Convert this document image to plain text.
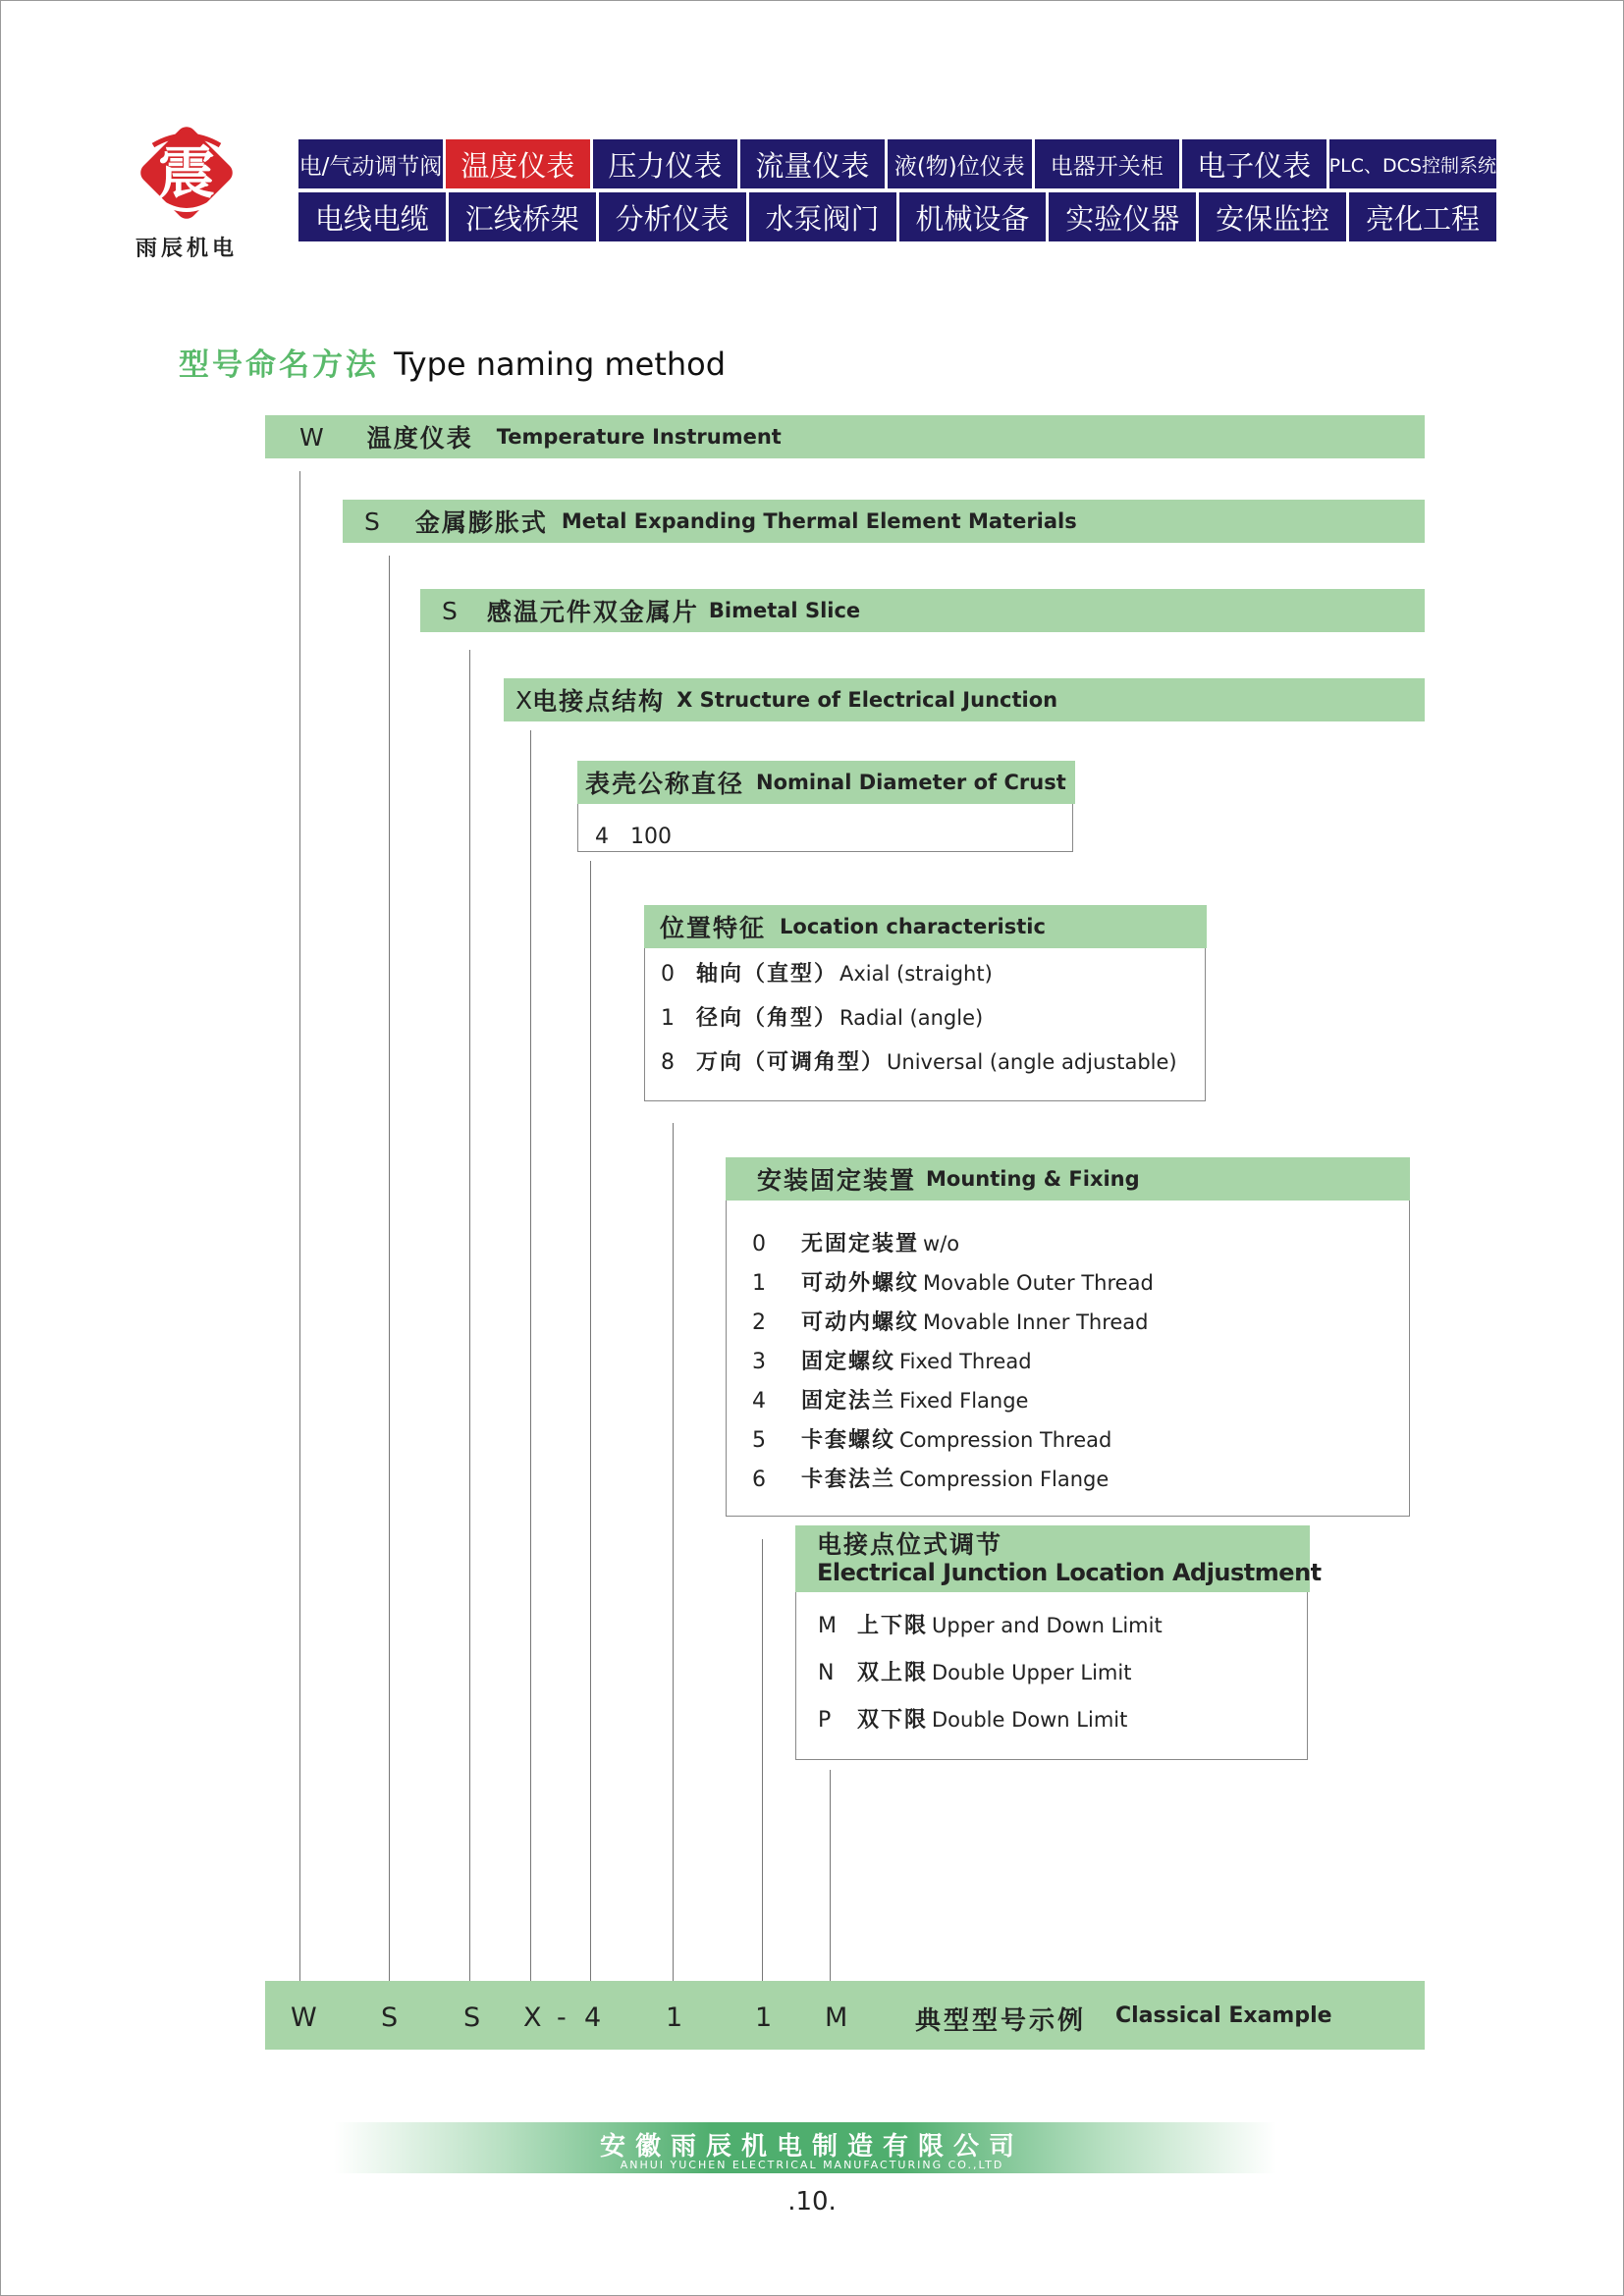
震
雨辰机电
电/气动调节阀 温度仪表	压力仪表	流量仪表	液(物)位仪表	电器开关柜	电子仪表 PLC、DCS控制系统
电线电缆	汇线桥架	分析仪表	水泵阀门	机械设备	实验仪器	安保监控	亮化工程
型号命名方法 Type naming method
W 温度仪表 Temperature Instrument
S 金属膨胀式 Metal Expanding Thermal Element Materials
S 感温元件双金属片 Bimetal Slice
X 电接点结构 X Structure of Electrical Junction
表壳公称直径 Nominal Diameter of Crust
4 100
位置特征 Location characteristic
0	轴向（直型） Axial (straight)
1	径向（角型） Radial (angle)
8	万向（可调角型） Universal (angle adjustable)
安装固定装置 Mounting & Fixing
0	无固定装置 w/o
1	可动外螺纹 Movable Outer Thread
2	可动内螺纹 Movable Inner Thread
3	固定螺纹 Fixed Thread
4	固定法兰 Fixed Flange
5	卡套螺纹 Compression Thread
6	卡套法兰 Compression Flange
电接点位式调节
Electrical Junction Location Adjustment
M 上下限 Upper and Down Limit
N	双上限 Double Upper Limit
P	双下限 Double Down Limit
W S S X - 4 1	1 M	典型型号示例 Classical Example
安徽雨辰机电制造有限公司
ANHUI YUCHEN ELECTRICAL MANUFACTURING CO.,LTD
.10.
